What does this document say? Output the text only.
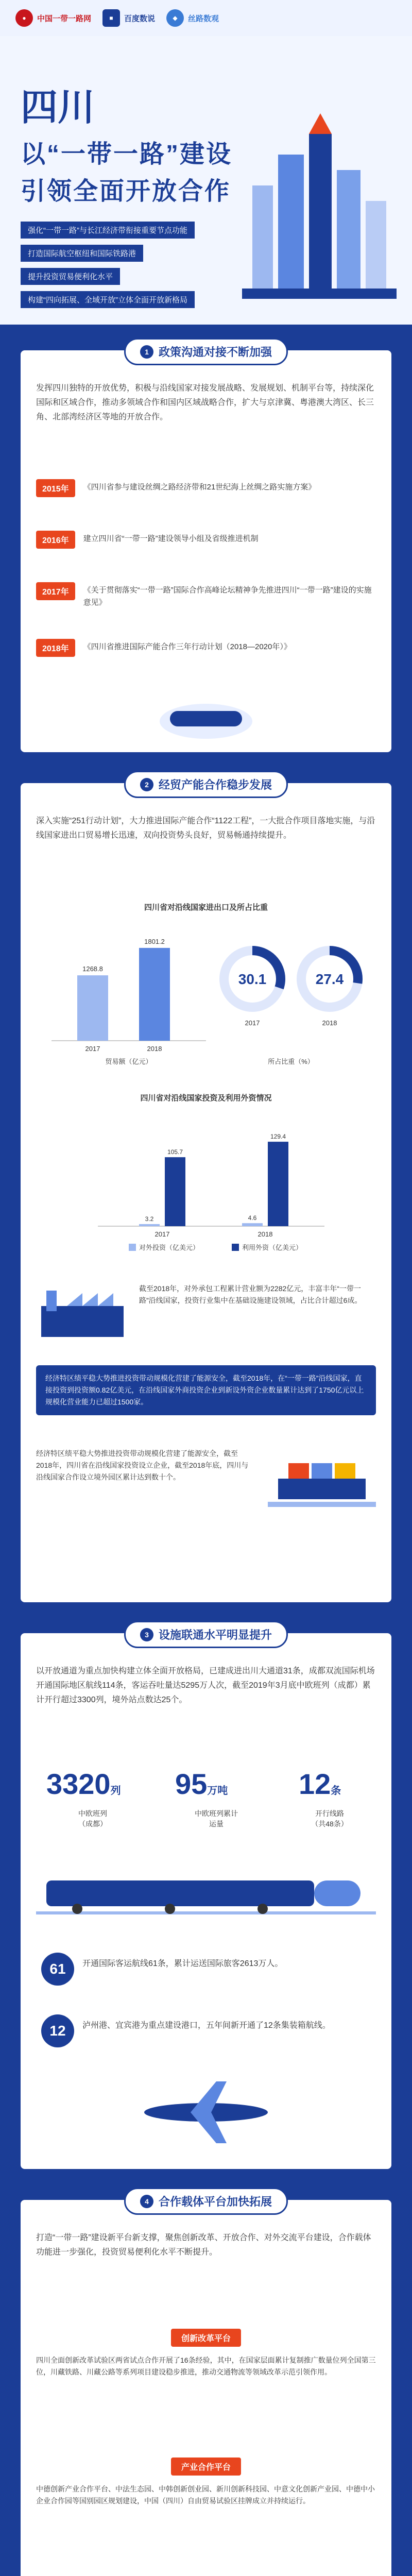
●	中国一带一路网	■	百度数说	◆	丝路数观
四川
以“一带一路”建设
引领全面开放合作
强化“一带一路”与长江经济带衔接重要节点功能
打造国际航空枢纽和国际铁路港
提升投资贸易便利化水平
构建“四向拓展、全域开放”立体全面开放新格局
1 政策沟通对接不断加强
发挥四川独特的开放优势，积极与沿线国家对接发展战略、发展规划、机制平台等，持续深化国际和区域合作，推动多领域合作和国内区域战略合作，扩大与京津冀、粤港澳大湾区、长三角、北部湾经济区等地的开放合作。
2015年	《四川省参与建设丝绸之路经济带和21世纪海上丝绸之路实施方案》
2016年	建立四川省“一带一路”建设领导小组及省级推进机制
2017年	《关于贯彻落实“一带一路”国际合作高峰论坛精神争先推进四川“一带一路”建设的实施意见》
2018年	《四川省推进国际产能合作三年行动计划（2018—2020年）》
2 经贸产能合作稳步发展
深入实施“251行动计划”，大力推进国际产能合作“1122工程”，一大批合作项目落地实施，与沿线国家进出口贸易增长迅速，双向投资势头良好，贸易畅通持续提升。
四川省对沿线国家进出口及所占比重
1268.8
2017
1801.2
2018
贸易额（亿元）
30.1
2017
27.4
2018
所占比重（%）
四川省对沿线国家投资及利用外资情况
3.2
105.7
2017
4.6
129.4
2018
对外投资（亿美元）	利用外资（亿美元）
截至2018年，对外承包工程累计营业额为2282亿元，丰富丰年“一带一路”沿线国家，投资行业集中在基础设施建设领域，占比合计超过6成。
经济特区绩平稳大势推进投资带动规模化营建了能源安全，截至2018年，在“一带一路”沿线国家，直接投资到投资额0.82亿美元，在沿线国家外商投资企业到新设外资企业数量累计达到了1750亿元以上规模化营业能力已超过1500家。
经济特区绩平稳大势推进投资带动规模化营建了能源安全，截至2018年，四川省在沿线国家投资设立企业，截至2018年底，四川与沿线国家合作设立境外园区累计达到数十个。
3 设施联通水平明显提升
以开放通道为重点加快构建立体全面开放格局，已建成进出川大通道31条，成都双流国际机场开通国际地区航线114条，客运吞吐量达5295万人次，截至2019年3月底中欧班列（成都）累计开行超过3300列，境外站点数达25个。
3320列
中欧班列
（成都）
95万吨
中欧班列累计
运量
12条
开行线路
（共48条）
61	开通国际客运航线61条，累计运送国际旅客2613万人。
12	泸州港、宜宾港为重点建设港口，五年间新开通了12条集装箱航线。
4 合作载体平台加快拓展
打造“一带一路”建设新平台新支撑，聚焦创新改革、开放合作、对外交流平台建设，合作载体功能进一步强化，投资贸易便利化水平不断提升。
创新改革平台
四川全面创新改革试验区两省试点合作开展了16条经验，其中，在国家层面累计复制推广数量位列全国第三位，川藏铁路、川藏公路等系列项目建设稳步推进，推动交通物流等领域改革示范引领作用。
产业合作平台
中德创新产业合作平台、中法生态园、中韩创新创业园、新川创新科技园、中意文化创新产业园、中德中小企业合作园等国别园区规划建设，中国（四川）自由贸易试验区挂牌成立并持续运行。
